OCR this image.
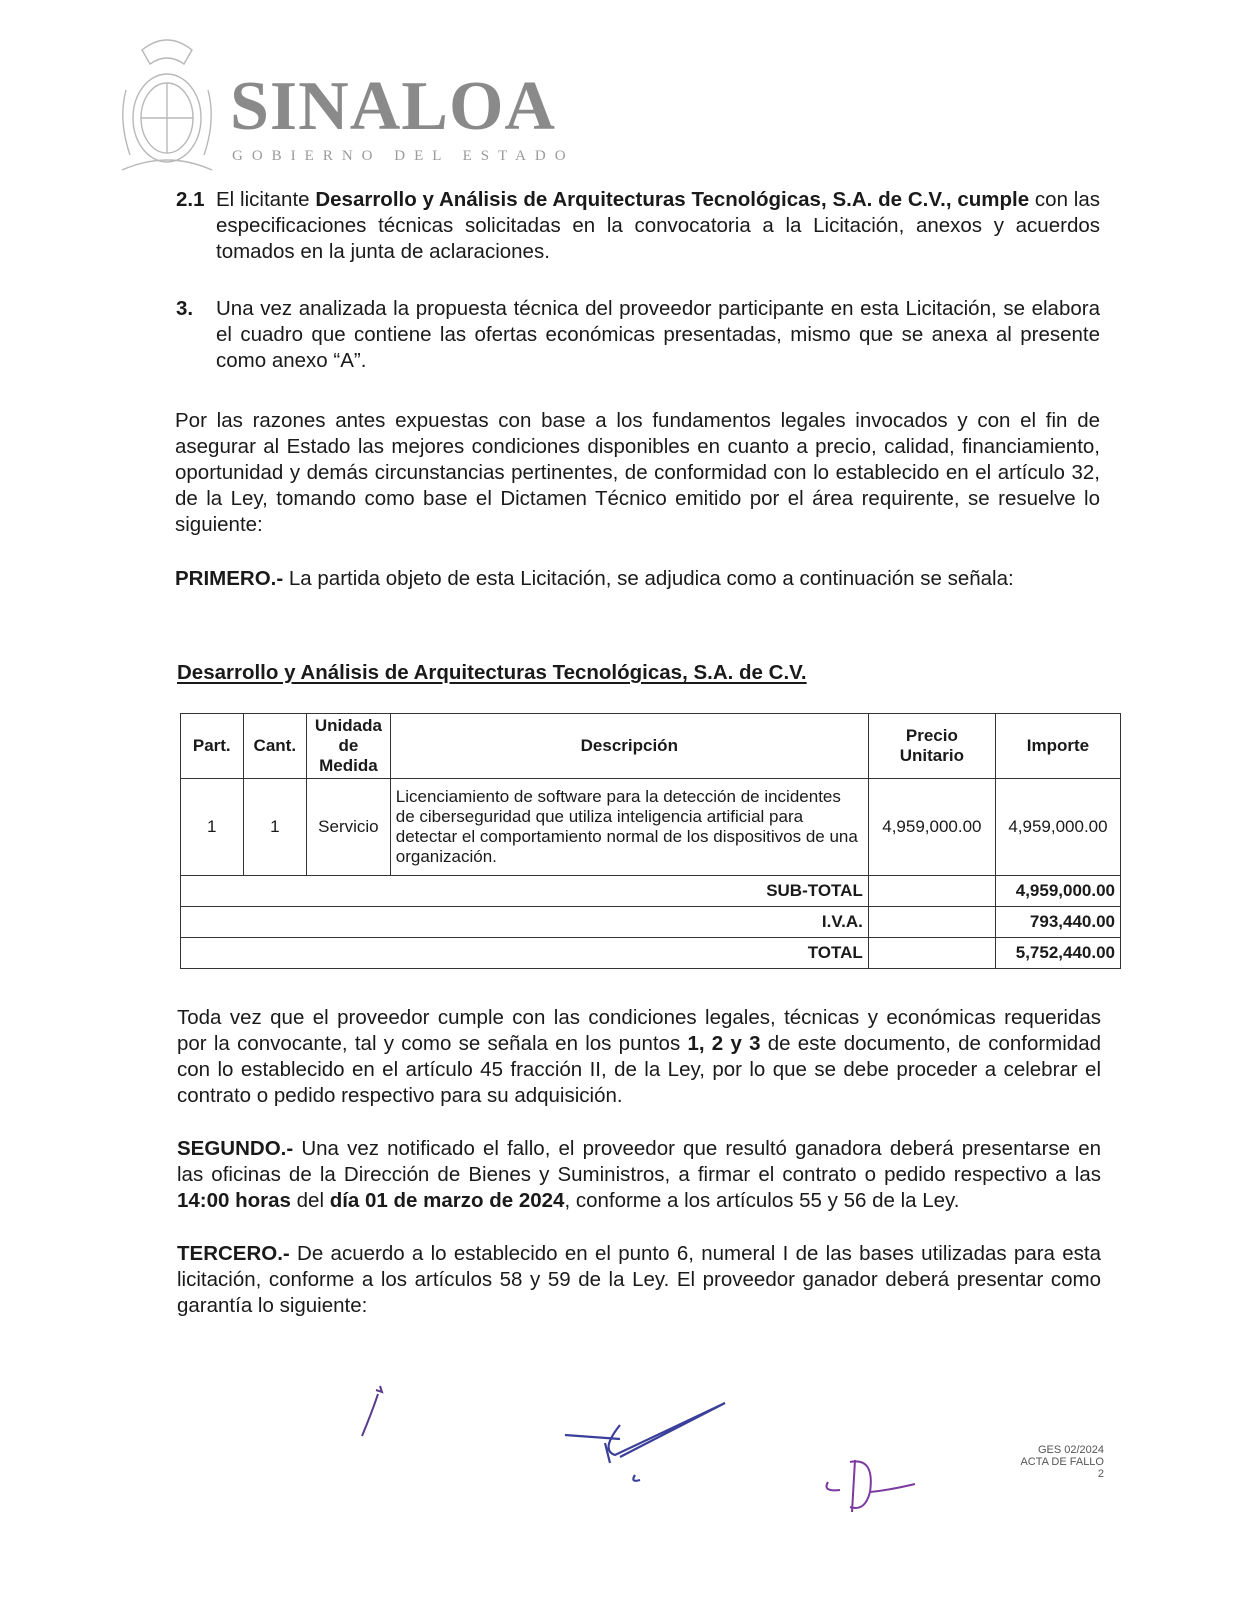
SINALOA
GOBIERNO DEL ESTADO
2.1 El licitante Desarrollo y Análisis de Arquitecturas Tecnológicas, S.A. de C.V., cumple con las especificaciones técnicas solicitadas en la convocatoria a la Licitación, anexos y acuerdos tomados en la junta de aclaraciones.
3. Una vez analizada la propuesta técnica del proveedor participante en esta Licitación, se elabora el cuadro que contiene las ofertas económicas presentadas, mismo que se anexa al presente como anexo “A”.
Por las razones antes expuestas con base a los fundamentos legales invocados y con el fin de asegurar al Estado las mejores condiciones disponibles en cuanto a precio, calidad, financiamiento, oportunidad y demás circunstancias pertinentes, de conformidad con lo establecido en el artículo 32, de la Ley, tomando como base el Dictamen Técnico emitido por el área requirente, se resuelve lo siguiente:
PRIMERO.- La partida objeto de esta Licitación, se adjudica como a continuación se señala:
Desarrollo y Análisis de Arquitecturas Tecnológicas, S.A. de C.V.
Part.	Cant.	Unidada de Medida	Descripción	Precio Unitario	Importe
1	1	Servicio	Licenciamiento de software para la detección de incidentes de ciberseguridad que utiliza inteligencia artificial para detectar el comportamiento normal de los dispositivos de una organización.	4,959,000.00	4,959,000.00
SUB-TOTAL					4,959,000.00
I.V.A.					793,440.00
TOTAL					5,752,440.00
Toda vez que el proveedor cumple con las condiciones legales, técnicas y económicas requeridas por la convocante, tal y como se señala en los puntos 1, 2 y 3 de este documento, de conformidad con lo establecido en el artículo 45 fracción II, de la Ley, por lo que se debe proceder a celebrar el contrato o pedido respectivo para su adquisición.
SEGUNDO.- Una vez notificado el fallo, el proveedor que resultó ganadora deberá presentarse en las oficinas de la Dirección de Bienes y Suministros, a firmar el contrato o pedido respectivo a las 14:00 horas del día 01 de marzo de 2024, conforme a los artículos 55 y 56 de la Ley.
TERCERO.- De acuerdo a lo establecido en el punto 6, numeral I de las bases utilizadas para esta licitación, conforme a los artículos 58 y 59 de la Ley. El proveedor ganador deberá presentar como garantía lo siguiente:
GES 02/2024
ACTA DE FALLO
2
